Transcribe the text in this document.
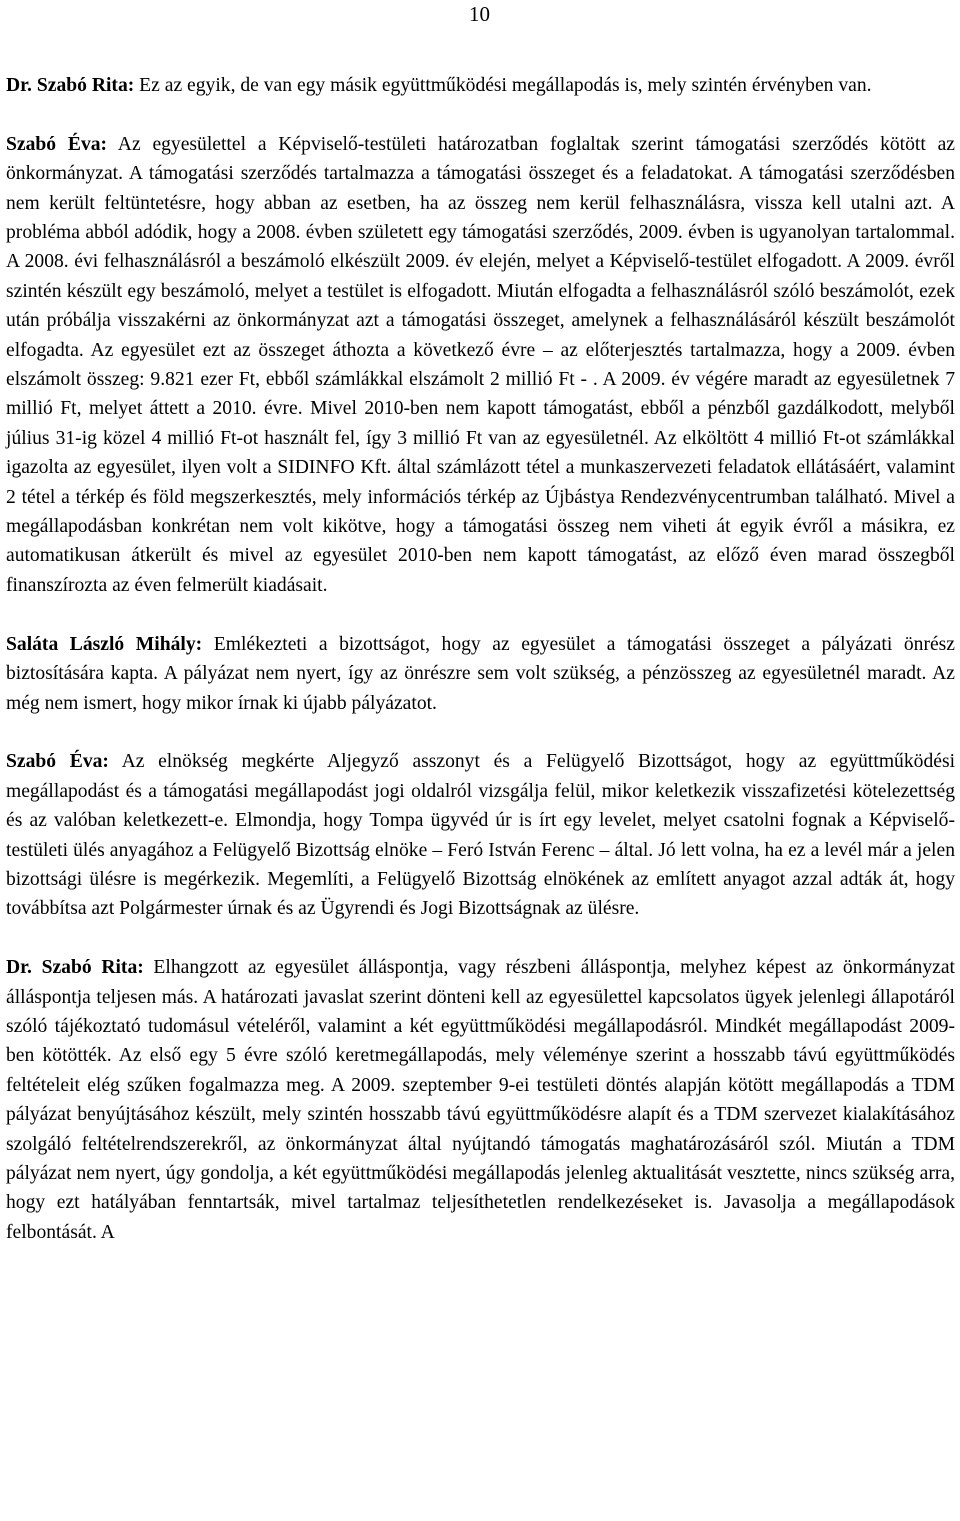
10

Dr. Szabó Rita: Ez az egyik, de van egy másik együttműködési megállapodás is, mely szintén érvényben van.

Szabó Éva: Az egyesülettel a Képviselő-testületi határozatban foglaltak szerint támogatási szerződés kötött az önkormányzat. A támogatási szerződés tartalmazza a támogatási összeget és a feladatokat. A támogatási szerződésben nem került feltüntetésre, hogy abban az esetben, ha az összeg nem kerül felhasználásra, vissza kell utalni azt. A probléma abból adódik, hogy a 2008. évben született egy támogatási szerződés, 2009. évben is ugyanolyan tartalommal. A 2008. évi felhasználásról a beszámoló elkészült 2009. év elején, melyet a Képviselő-testület elfogadott. A 2009. évről szintén készült egy beszámoló, melyet a testület is elfogadott. Miután elfogadta a felhasználásról szóló beszámolót, ezek után próbálja visszakérni az önkormányzat azt a támogatási összeget, amelynek a felhasználásáról készült beszámolót elfogadta. Az egyesület ezt az összeget áthozta a következő évre – az előterjesztés tartalmazza, hogy a 2009. évben elszámolt összeg: 9.821 ezer Ft, ebből számlákkal elszámolt 2 millió Ft - . A 2009. év végére maradt az egyesületnek 7 millió Ft, melyet áttett a 2010. évre. Mivel 2010-ben nem kapott támogatást, ebből a pénzből gazdálkodott, melyből július 31-ig közel 4 millió Ft-ot használt fel, így 3 millió Ft van az egyesületnél. Az elköltött 4 millió Ft-ot számlákkal igazolta az egyesület, ilyen volt a SIDINFO Kft. által számlázott tétel a munkaszervezeti feladatok ellátásáért, valamint 2 tétel a térkép és föld megszerkesztés, mely információs térkép az Újbástya Rendezvénycentrumban található. Mivel a megállapodásban konkrétan nem volt kikötve, hogy a támogatási összeg nem viheti át egyik évről a másikra, ez automatikusan átkerült és mivel az egyesület 2010-ben nem kapott támogatást, az előző éven marad összegből finanszírozta az éven felmerült kiadásait.

Saláta László Mihály: Emlékezteti a bizottságot, hogy az egyesület a támogatási összeget a pályázati önrész biztosítására kapta. A pályázat nem nyert, így az önrészre sem volt szükség, a pénzösszeg az egyesületnél maradt. Az még nem ismert, hogy mikor írnak ki újabb pályázatot.

Szabó Éva: Az elnökség megkérte Aljegyző asszonyt és a Felügyelő Bizottságot, hogy az együttműködési megállapodást és a támogatási megállapodást jogi oldalról vizsgálja felül, mikor keletkezik visszafizetési kötelezettség és az valóban keletkezett-e. Elmondja, hogy Tompa ügyvéd úr is írt egy levelet, melyet csatolni fognak a Képviselő-testületi ülés anyagához a Felügyelő Bizottság elnöke – Feró István Ferenc – által. Jó lett volna, ha ez a levél már a jelen bizottsági ülésre is megérkezik. Megemlíti, a Felügyelő Bizottság elnökének az említett anyagot azzal adták át, hogy továbbítsa azt Polgármester úrnak és az Ügyrendi és Jogi Bizottságnak az ülésre.

Dr. Szabó Rita: Elhangzott az egyesület álláspontja, vagy részbeni álláspontja, melyhez képest az önkormányzat álláspontja teljesen más. A határozati javaslat szerint dönteni kell az egyesülettel kapcsolatos ügyek jelenlegi állapotáról szóló tájékoztató tudomásul vételéről, valamint a két együttműködési megállapodásról. Mindkét megállapodást 2009-ben kötötték. Az első egy 5 évre szóló keretmegállapodás, mely véleménye szerint a hosszabb távú együttműködés feltételeit elég szűken fogalmazza meg. A 2009. szeptember 9-ei testületi döntés alapján kötött megállapodás a TDM pályázat benyújtásához készült, mely szintén hosszabb távú együttműködésre alapít és a TDM szervezet kialakításához szolgáló feltételrendszerekről, az önkormányzat által nyújtandó támogatás maghatározásáról szól. Miután a TDM pályázat nem nyert, úgy gondolja, a két együttműködési megállapodás jelenleg aktualitását vesztette, nincs szükség arra, hogy ezt hatályában fenntartsák, mivel tartalmaz teljesíthetetlen rendelkezéseket is. Javasolja a megállapodások felbontását. A
